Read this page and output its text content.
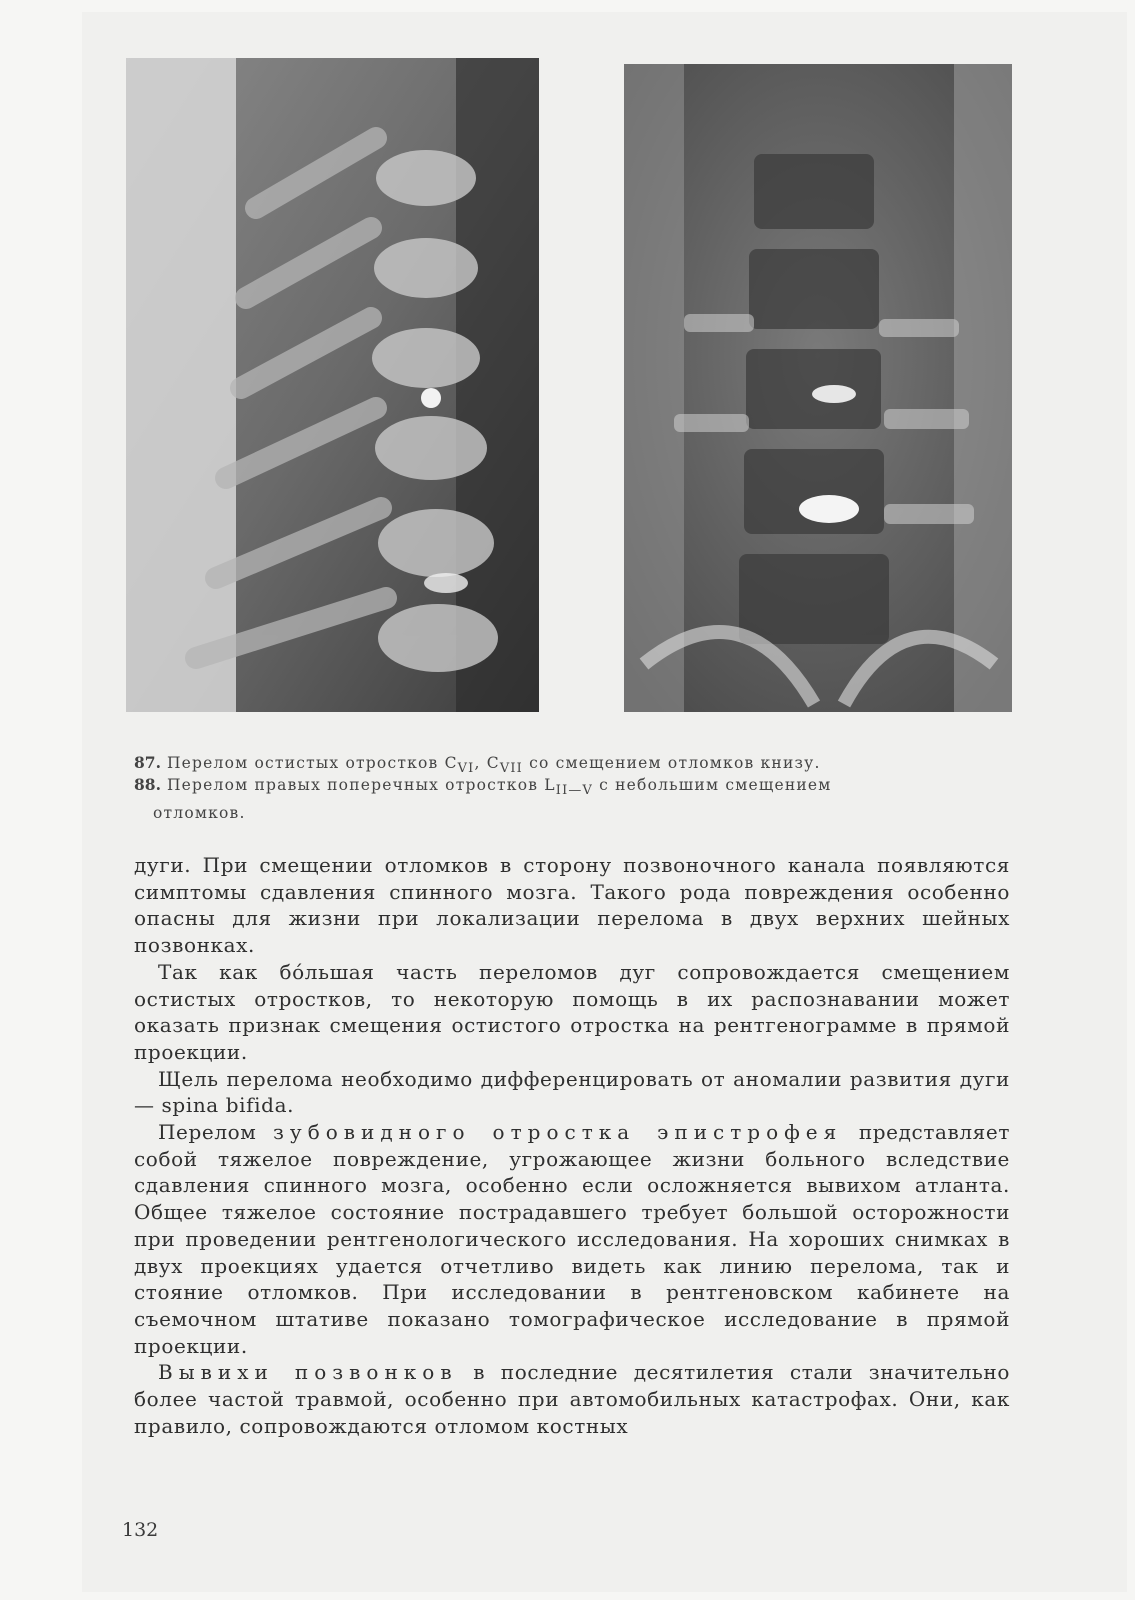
87. Перелом остистых отростков $C_{VI}$, $C_{VII}$ со смещением отломков книзу.
88. Перелом правых поперечных отростков $L_{II—V}$ с небольшим смещением
отломков.

дуги. При смещении отломков в сторону позвоночного канала появляются симптомы сдавления спинного мозга. Такого рода повреждения особенно опасны для жизни при локализации перелома в двух верхних шейных позвонках.

Так как бо́льшая часть переломов дуг сопровождается смещением остистых отростков, то некоторую помощь в их распознавании может оказать признак смещения остистого отростка на рентгенограмме в прямой проекции.

Щель перелома необходимо дифференцировать от аномалии развития дуги — spina bifida.

Перелом зубовидного отростка эпистрофея представляет собой тяжелое повреждение, угрожающее жизни больного вследствие сдавления спинного мозга, особенно если осложняется вывихом атланта. Общее тяжелое состояние пострадавшего требует большой осторожности при проведении рентгенологического исследования. На хороших снимках в двух проекциях удается отчетливо видеть как линию перелома, так и стояние отломков. При исследовании в рентгеновском кабинете на съемочном штативе показано томографическое исследование в прямой проекции.

Вывихи позвонков в последние десятилетия стали значительно более частой травмой, особенно при автомобильных катастрофах. Они, как правило, сопровождаются отломом костных

132
